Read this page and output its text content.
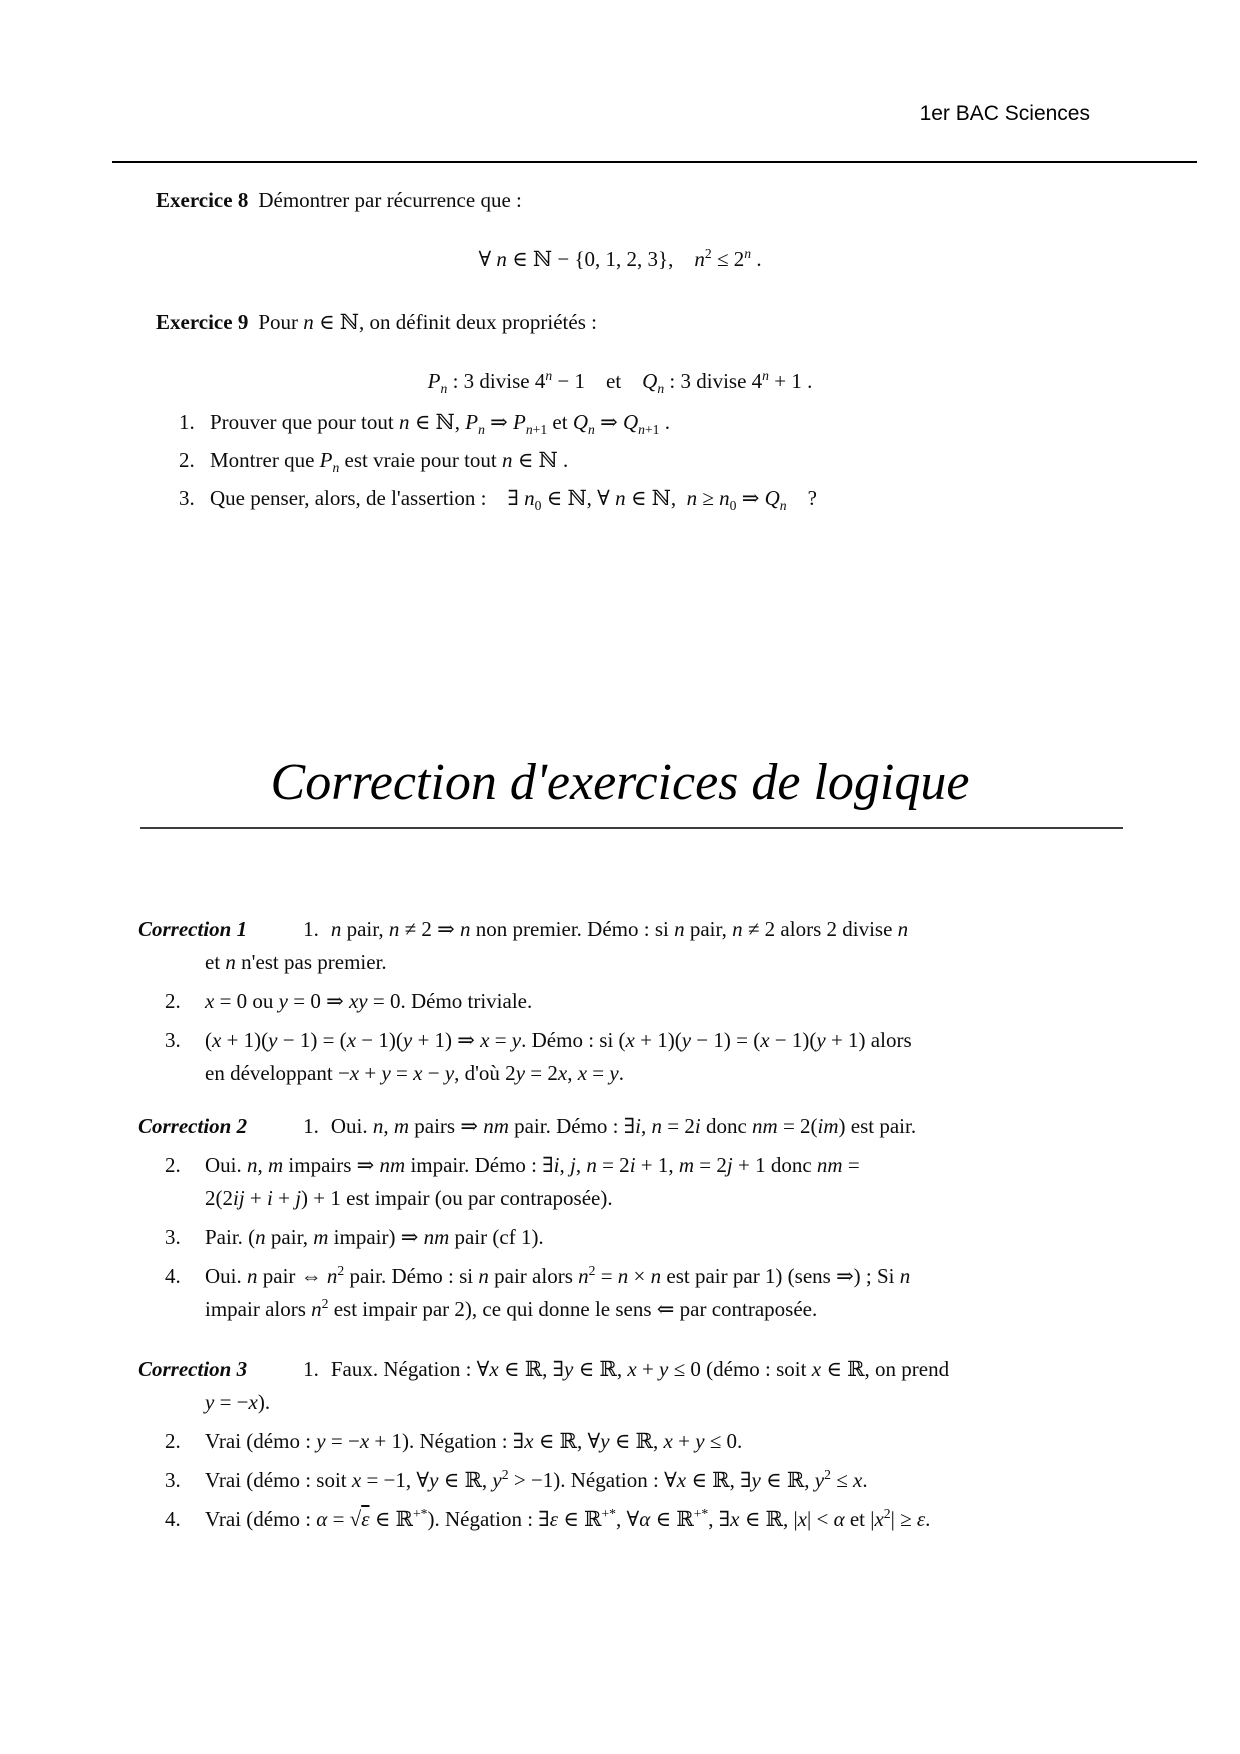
1er BAC Sciences

Exercice 8 Démontrer par récurrence que :

∀ n ∈ ℕ − {0, 1, 2, 3},  $n^2 \le 2^n$ .

Exercice 9 Pour n ∈ ℕ, on définit deux propriétés :

$P_n$ : 3 divise $4^n - 1$ et $Q_n$ : 3 divise $4^n + 1$ .
1. Prouver que pour tout n ∈ ℕ, $P_n$ ⇒ $P_{n+1}$ et $Q_n$ ⇒ $Q_{n+1}$ .
2. Montrer que $P_n$ est vraie pour tout n ∈ ℕ .
3. Que penser, alors, de l'assertion : ∃ $n_0$ ∈ ℕ, ∀ n ∈ ℕ, $n \ge n_0$ ⇒ $Q_n$ ?
Correction d'exercices de logique

Correction 1	1. n pair, n ≠ 2 ⇒ n non premier. Démo : si n pair, n ≠ 2 alors 2 divise n
et n n'est pas premier.

2.	x = 0 ou y = 0 ⇒ xy = 0. Démo triviale.
3.	(x + 1)(y − 1) = (x − 1)(y + 1) ⇒ x = y. Démo : si (x + 1)(y − 1) = (x − 1)(y + 1) alors
en développant −x + y = x − y, d'où 2y = 2x, x = y.

Correction 2	1. Oui. n, m pairs ⇒ nm pair. Démo : ∃i, n = 2i donc nm = 2(im) est pair.

2.	Oui. n, m impairs ⇒ nm impair. Démo : ∃i, j, n = 2i + 1, m = 2j + 1 donc nm =
2(2ij + i + j) + 1 est impair (ou par contraposée).
3.	Pair. (n pair, m impair) ⇒ nm pair (cf 1).
4.	Oui. n pair ⇔ $n^2$ pair. Démo : si n pair alors $n^2 = n \times n$ est pair par 1) (sens ⇒) ; Si n
impair alors $n^2$ est impair par 2), ce qui donne le sens ⇐ par contraposée.

Correction 3	1. Faux. Négation : ∀x ∈ ℝ, ∃y ∈ ℝ, x + y ≤ 0 (démo : soit x ∈ ℝ, on prend
y = −x).

2.	Vrai (démo : y = −x + 1). Négation : ∃x ∈ ℝ, ∀y ∈ ℝ, x + y ≤ 0.
3.	Vrai (démo : soit x = −1, ∀y ∈ ℝ, $y^2 > -1$). Négation : ∀x ∈ ℝ, ∃y ∈ ℝ, $y^2 \le x$.
4.	Vrai (démo : α = √ε ∈ ℝ+*). Négation : ∃ε ∈ ℝ+*, ∀α ∈ ℝ+*, ∃x ∈ ℝ, |x| < α et $|x^2| \ge \varepsilon$.
